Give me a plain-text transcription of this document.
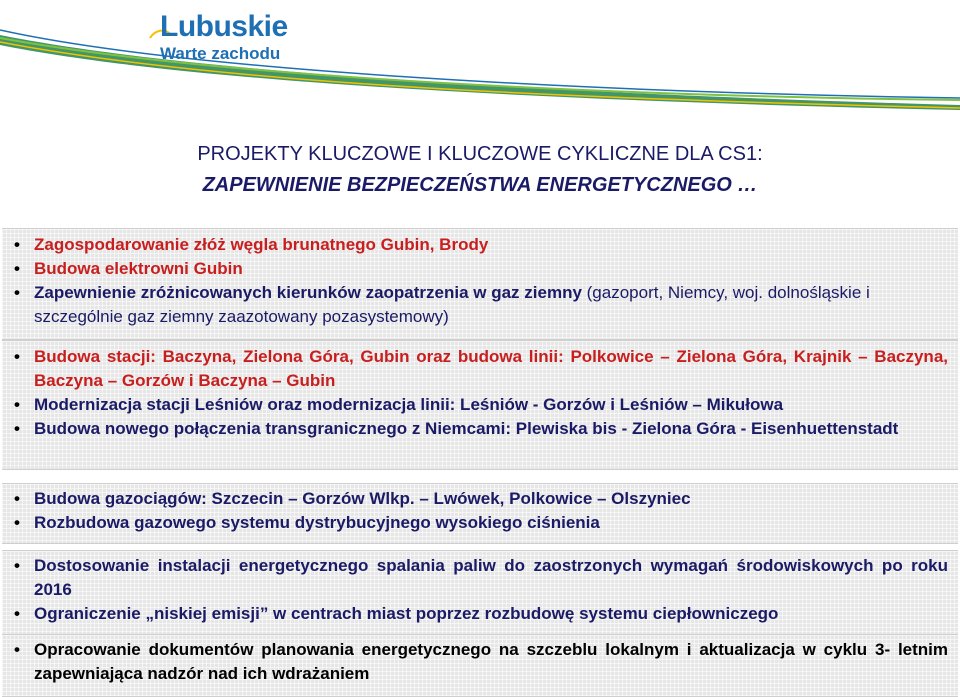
Lubuskie
Warte zachodu
PROJEKTY KLUCZOWE I KLUCZOWE CYKLICZNE DLA CS1:
ZAPEWNIENIE BEZPIECZEŃSTWA ENERGETYCZNEGO …
• Zagospodarowanie złóż węgla brunatnego Gubin, Brody
• Budowa elektrowni Gubin
• Zapewnienie zróżnicowanych kierunków zaopatrzenia w gaz ziemny (gazoport, Niemcy, woj. dolnośląskie i szczególnie gaz ziemny zaazotowany pozasystemowy)
• Budowa stacji: Baczyna, Zielona Góra, Gubin oraz budowa linii: Polkowice – Zielona Góra, Krajnik – Baczyna, Baczyna – Gorzów i Baczyna – Gubin
• Modernizacja stacji Leśniów oraz modernizacja linii: Leśniów - Gorzów i Leśniów – Mikułowa
• Budowa nowego połączenia transgranicznego z Niemcami: Plewiska bis - Zielona Góra - Eisenhuettenstadt
• Budowa gazociągów: Szczecin – Gorzów Wlkp. – Lwówek, Polkowice – Olszyniec
• Rozbudowa gazowego systemu dystrybucyjnego wysokiego ciśnienia
• Dostosowanie instalacji energetycznego spalania paliw do zaostrzonych wymagań środowiskowych po roku 2016
• Ograniczenie „niskiej emisji” w centrach miast poprzez rozbudowę systemu ciepłowniczego
• Opracowanie dokumentów planowania energetycznego na szczeblu lokalnym i aktualizacja w cyklu 3- letnim zapewniająca nadzór nad ich wdrażaniem
